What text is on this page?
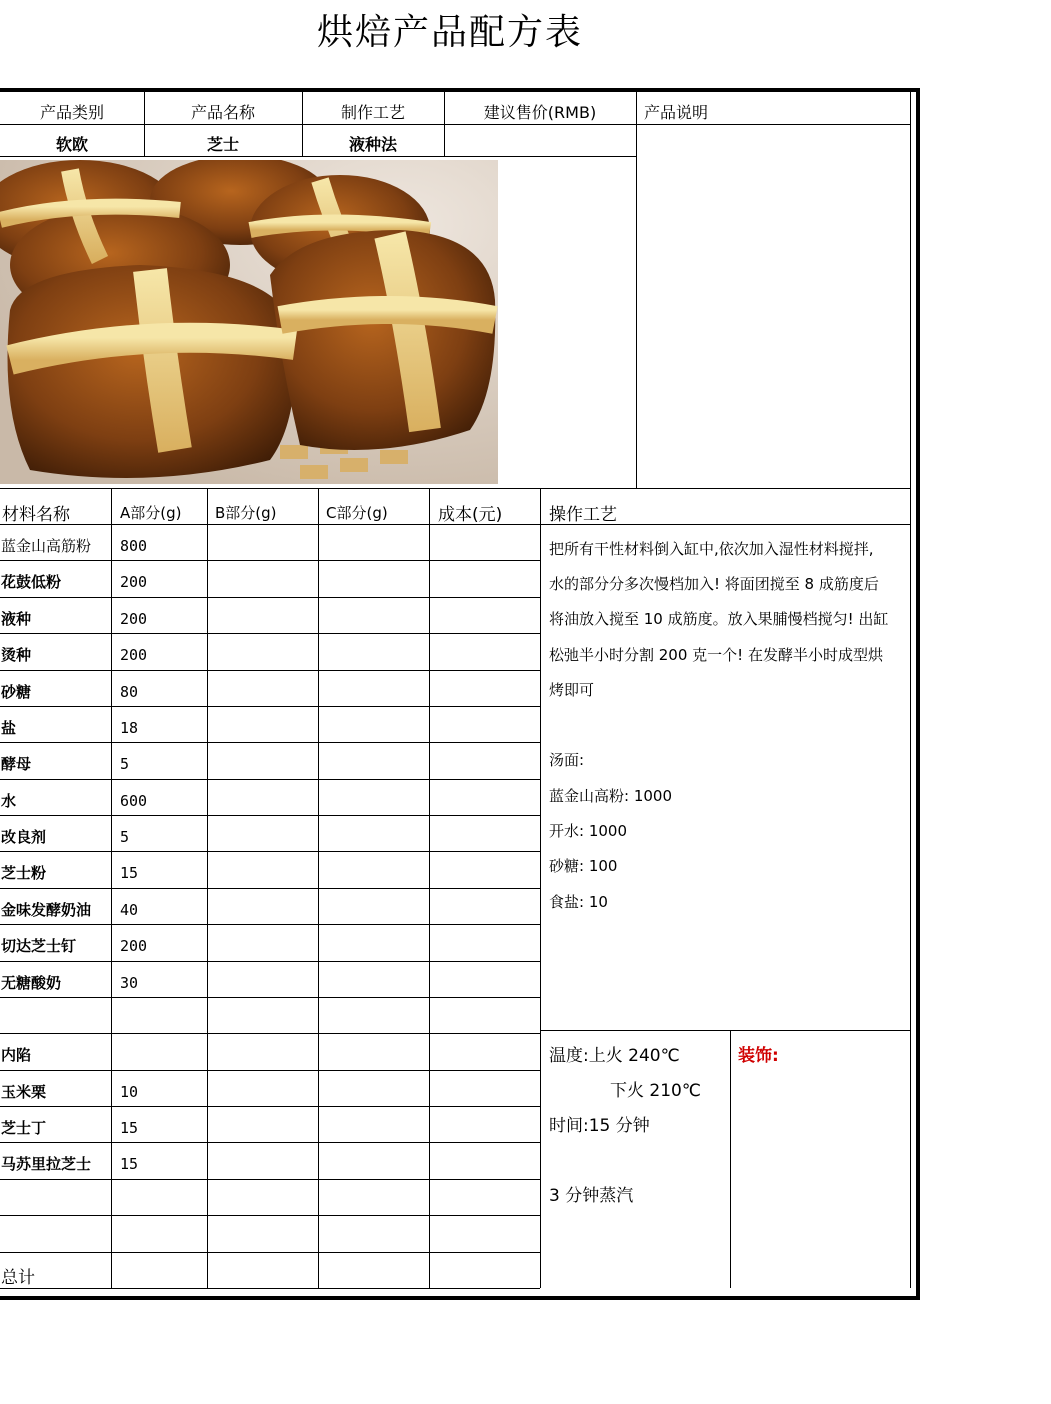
烘焙产品配方表
产品类别	产品名称	制作工艺	建议售价(RMB)	产品说明
软欧	芝士	液种法
材料名称	A部分(g) B部分(g)	C部分(g)	成本(元)	操作工艺
蓝金山高筋粉 800
花鼓低粉	200
液种	200
烫种	200
砂糖	80
盐	18
酵母	5
水	600
改良剂	5
芝士粉	15
金味发酵奶油 40
切达芝士钉	200
无糖酸奶	30
内陷
玉米栗	10
芝士丁	15
马苏里拉芝士 15
总计
把所有干性材料倒入缸中,依次加入湿性材料搅拌,
水的部分分多次慢档加入! 将面团搅至 8 成筋度后
将油放入搅至 10 成筋度。放入果脯慢档搅匀! 出缸
松弛半小时分割 200 克一个! 在发酵半小时成型烘
烤即可
汤面:
蓝金山高粉: 1000
开水: 1000
砂糖: 100
食盐: 10
温度:上火 240℃
下火 210℃
时间:15 分钟
3 分钟蒸汽
装饰:
